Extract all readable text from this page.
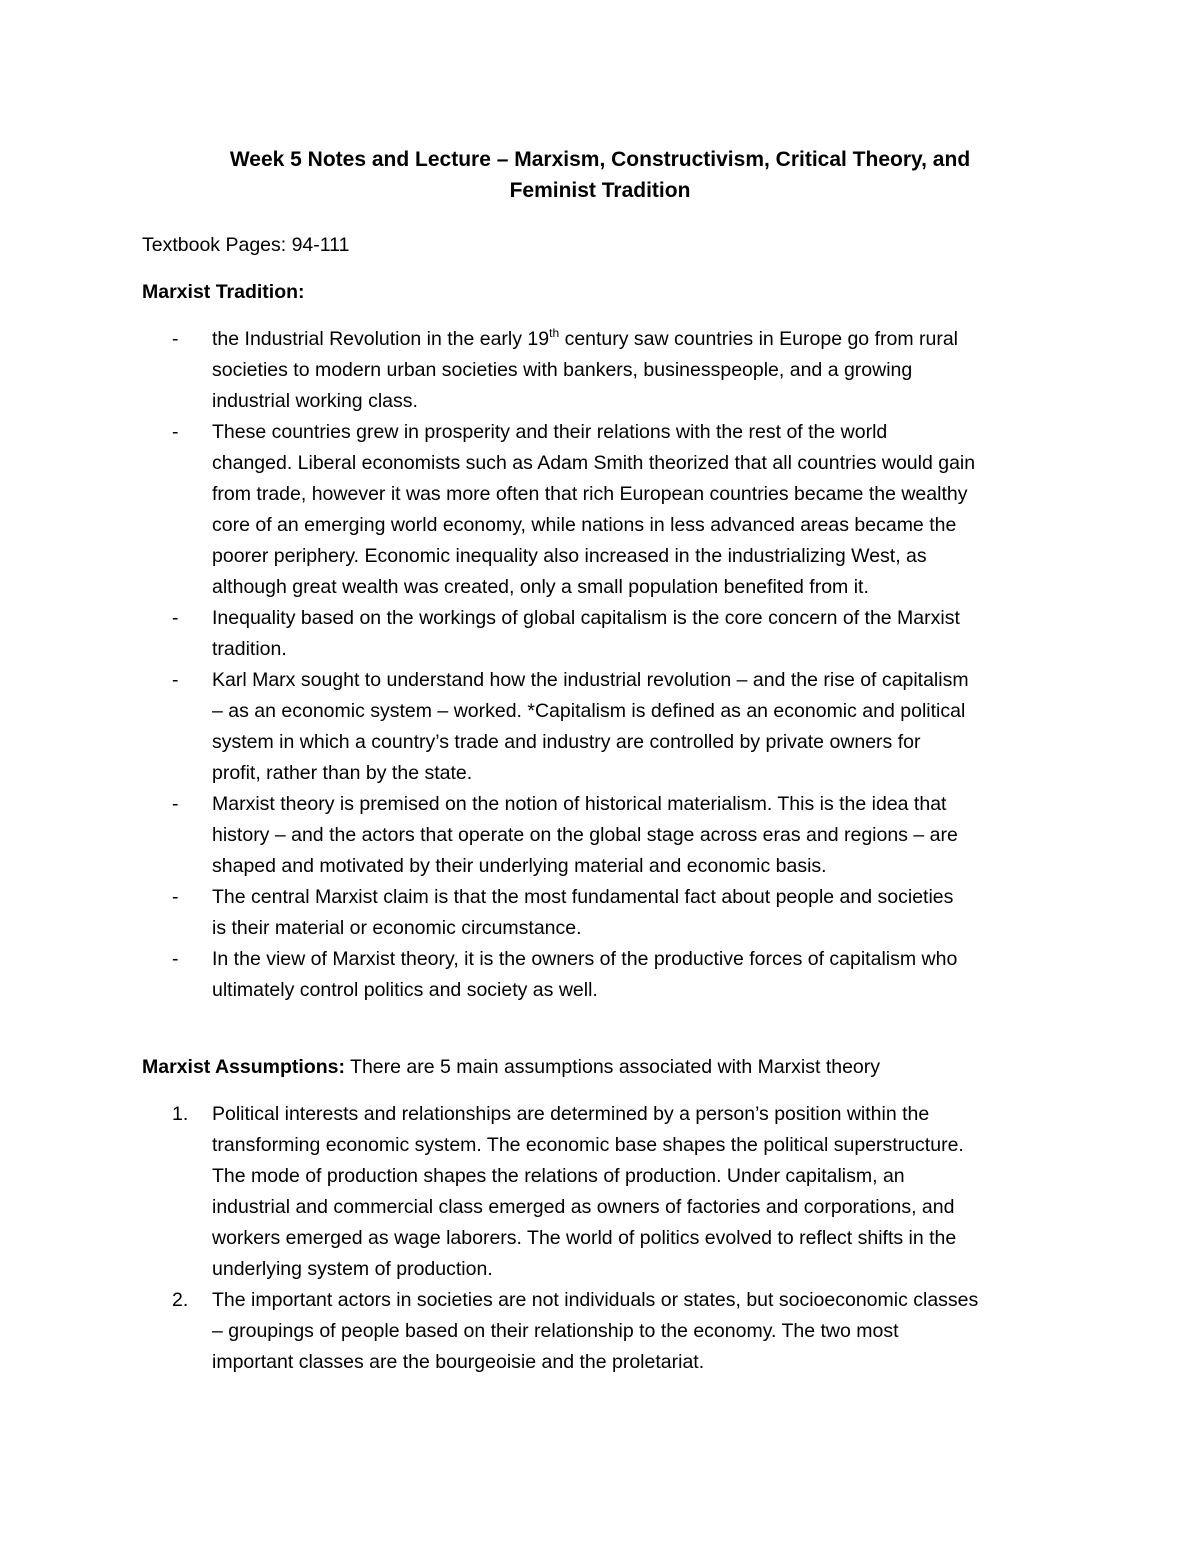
Week 5 Notes and Lecture – Marxism, Constructivism, Critical Theory, and
Feminist Tradition
Textbook Pages: 94-111
Marxist Tradition:
- the Industrial Revolution in the early 19th century saw countries in Europe go from rural
societies to modern urban societies with bankers, businesspeople, and a growing
industrial working class.
- These countries grew in prosperity and their relations with the rest of the world
changed. Liberal economists such as Adam Smith theorized that all countries would gain
from trade, however it was more often that rich European countries became the wealthy
core of an emerging world economy, while nations in less advanced areas became the
poorer periphery. Economic inequality also increased in the industrializing West, as
although great wealth was created, only a small population benefited from it.
- Inequality based on the workings of global capitalism is the core concern of the Marxist
tradition.
- Karl Marx sought to understand how the industrial revolution – and the rise of capitalism
– as an economic system – worked. *Capitalism is defined as an economic and political
system in which a country’s trade and industry are controlled by private owners for
profit, rather than by the state.
- Marxist theory is premised on the notion of historical materialism. This is the idea that
history – and the actors that operate on the global stage across eras and regions – are
shaped and motivated by their underlying material and economic basis.
- The central Marxist claim is that the most fundamental fact about people and societies
is their material or economic circumstance.
- In the view of Marxist theory, it is the owners of the productive forces of capitalism who
ultimately control politics and society as well.
Marxist Assumptions: There are 5 main assumptions associated with Marxist theory
1. Political interests and relationships are determined by a person’s position within the
transforming economic system. The economic base shapes the political superstructure.
The mode of production shapes the relations of production. Under capitalism, an
industrial and commercial class emerged as owners of factories and corporations, and
workers emerged as wage laborers. The world of politics evolved to reflect shifts in the
underlying system of production.
2. The important actors in societies are not individuals or states, but socioeconomic classes
– groupings of people based on their relationship to the economy. The two most
important classes are the bourgeoisie and the proletariat.
